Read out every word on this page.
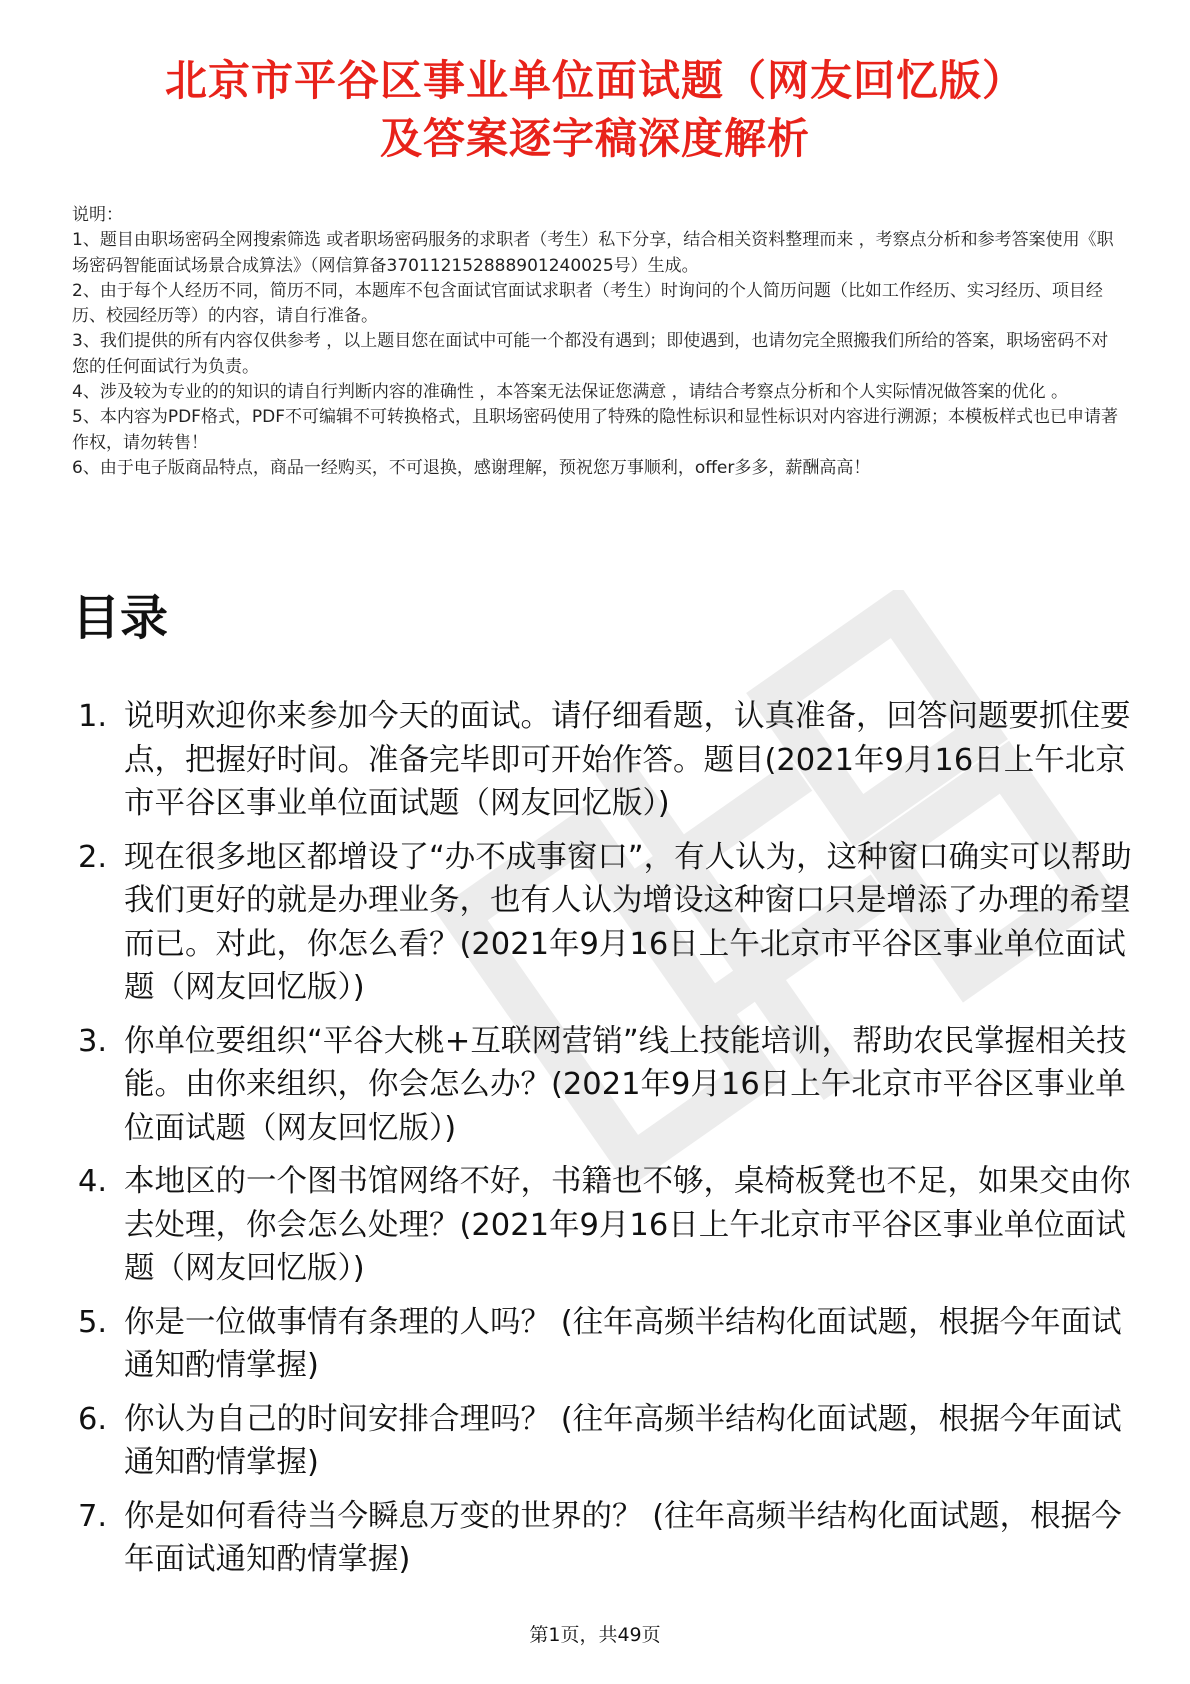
北京市平谷区事业单位面试题（网友回忆版）
及答案逐字稿深度解析

说明：

1、题目由职场密码全网搜索筛选 或者职场密码服务的求职者（考生）私下分享，结合相关资料整理而来 ，考察点分析和参考答案使用《职场密码智能面试场景合成算法》（网信算备370112152888901240025号）生成。

2、由于每个人经历不同，简历不同，本题库不包含面试官面试求职者（考生）时询问的个人简历问题（比如工作经历、实习经历、项目经历、校园经历等）的内容，请自行准备。

3、我们提供的所有内容仅供参考 ，以上题目您在面试中可能一个都没有遇到；即使遇到，也请勿完全照搬我们所给的答案，职场密码不对您的任何面试行为负责。

4、涉及较为专业的的知识的请自行判断内容的准确性 ，本答案无法保证您满意 ，请结合考察点分析和个人实际情况做答案的优化 。

5、本内容为PDF格式，PDF不可编辑不可转换格式，且职场密码使用了特殊的隐性标识和显性标识对内容进行溯源；本模板样式也已申请著作权，请勿转售！

6、由于电子版商品特点，商品一经购买，不可退换，感谢理解，预祝您万事顺利，offer多多，薪酬高高！

目录
1. 说明欢迎你来参加今天的面试。请仔细看题，认真准备，回答问题要抓住要点，把握好时间。准备完毕即可开始作答。题目(2021年9月16日上午北京市平谷区事业单位面试题（网友回忆版）)
2. 现在很多地区都增设了“办不成事窗口”，有人认为，这种窗口确实可以帮助我们更好的就是办理业务，也有人认为增设这种窗口只是增添了办理的希望而已。对此，你怎么看？(2021年9月16日上午北京市平谷区事业单位面试题（网友回忆版）)
3. 你单位要组织“平谷大桃+互联网营销”线上技能培训，帮助农民掌握相关技能。由你来组织，你会怎么办？(2021年9月16日上午北京市平谷区事业单位面试题（网友回忆版）)
4. 本地区的一个图书馆网络不好，书籍也不够，桌椅板凳也不足，如果交由你去处理，你会怎么处理？(2021年9月16日上午北京市平谷区事业单位面试题（网友回忆版）)
5. 你是一位做事情有条理的人吗？ (往年高频半结构化面试题，根据今年面试通知酌情掌握)
6. 你认为自己的时间安排合理吗？ (往年高频半结构化面试题，根据今年面试通知酌情掌握)
7. 你是如何看待当今瞬息万变的世界的？ (往年高频半结构化面试题，根据今年面试通知酌情掌握)
第1页，共49页
